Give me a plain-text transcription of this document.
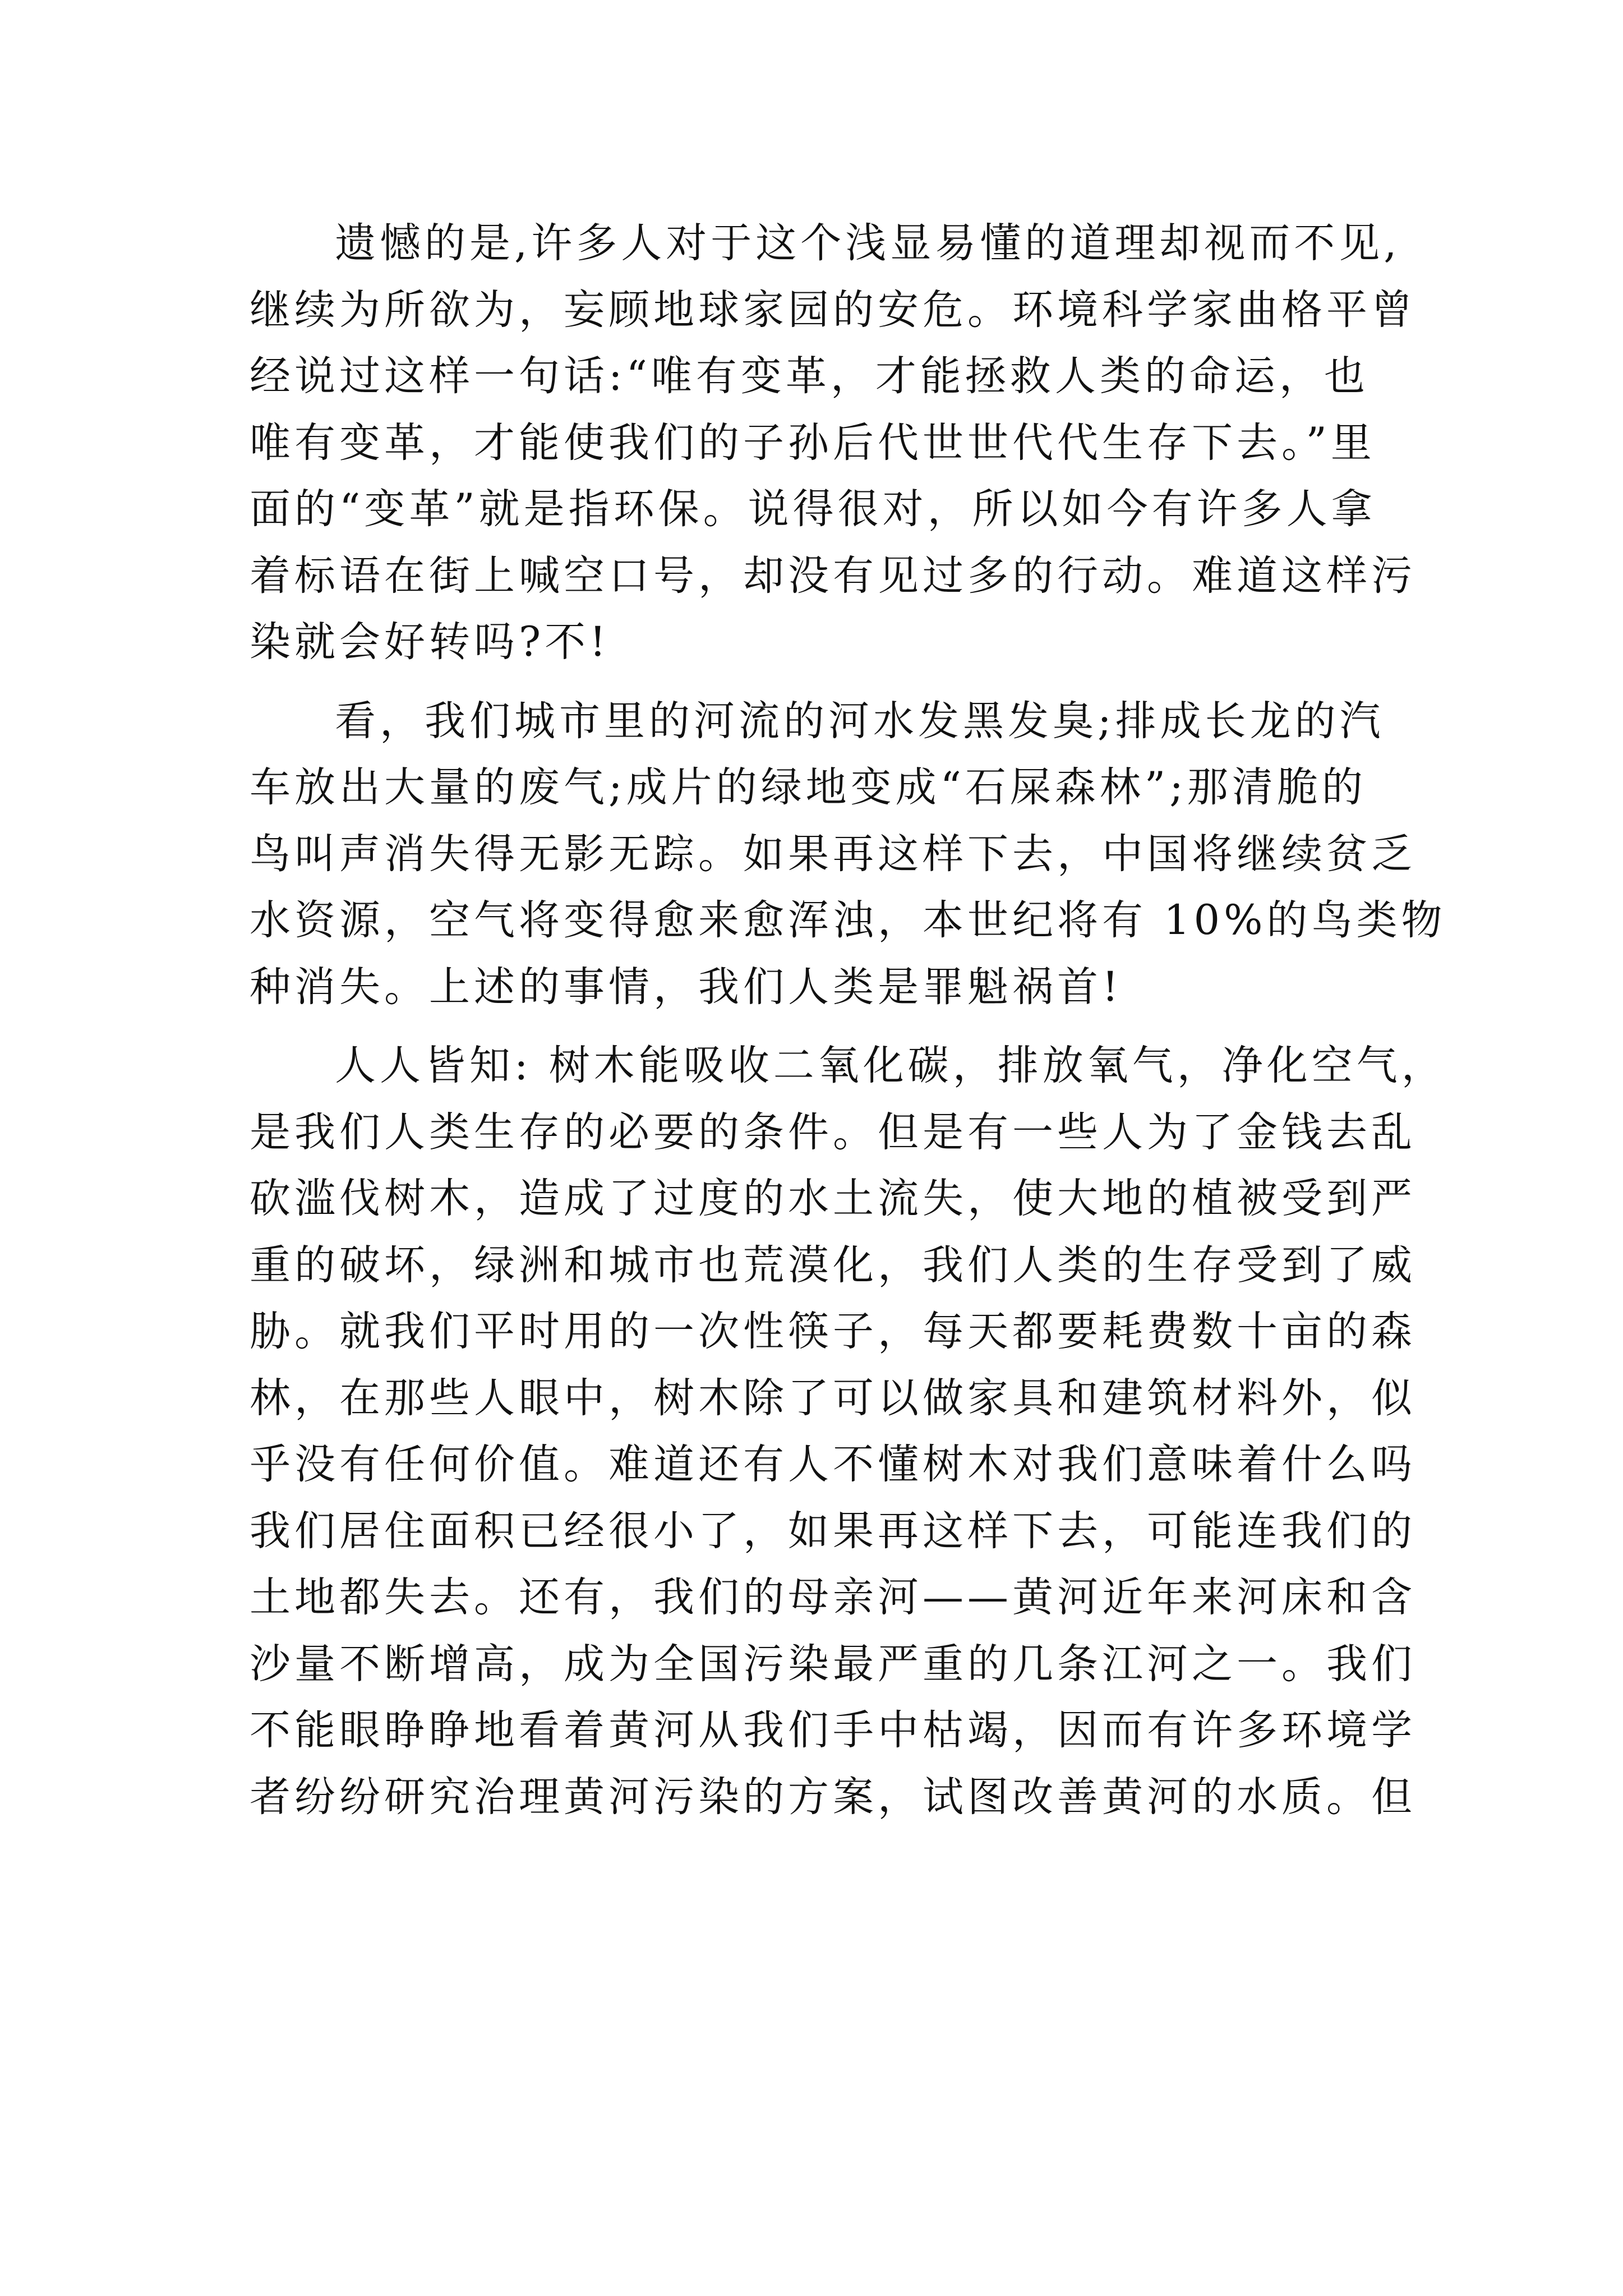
遗憾的是,许多人对于这个浅显易懂的道理却视而不见,
继续为所欲为，妄顾地球家园的安危。环境科学家曲格平曾
经说过这样一句话:“唯有变革，才能拯救人类的命运，也
唯有变革，才能使我们的子孙后代世世代代生存下去。”里
面的“变革”就是指环保。说得很对，所以如今有许多人拿
着标语在街上喊空口号，却没有见过多的行动。难道这样污
染就会好转吗?不!
看，我们城市里的河流的河水发黑发臭;排成长龙的汽
车放出大量的废气;成片的绿地变成“石屎森林”;那清脆的
鸟叫声消失得无影无踪。如果再这样下去，中国将继续贫乏
水资源，空气将变得愈来愈浑浊，本世纪将有 10%的鸟类物
种消失。上述的事情，我们人类是罪魁祸首!
人人皆知: 树木能吸收二氧化碳，排放氧气，净化空气，
是我们人类生存的必要的条件。但是有一些人为了金钱去乱
砍滥伐树木，造成了过度的水土流失，使大地的植被受到严
重的破坏，绿洲和城市也荒漠化，我们人类的生存受到了威
胁。就我们平时用的一次性筷子，每天都要耗费数十亩的森
林，在那些人眼中，树木除了可以做家具和建筑材料外，似
乎没有任何价值。难道还有人不懂树木对我们意味着什么吗
我们居住面积已经很小了，如果再这样下去，可能连我们的
土地都失去。还有，我们的母亲河——黄河近年来河床和含
沙量不断增高，成为全国污染最严重的几条江河之一。我们
不能眼睁睁地看着黄河从我们手中枯竭，因而有许多环境学
者纷纷研究治理黄河污染的方案，试图改善黄河的水质。但
